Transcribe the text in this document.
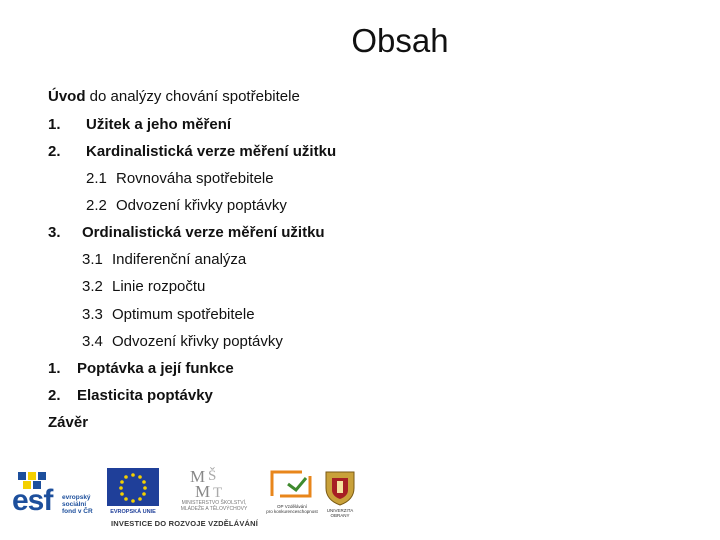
Obsah
Úvod do analýzy chování spotřebitele
1. Užitek a jeho měření
2. Kardinalistická verze měření užitku
2.1 Rovnováha spotřebitele
2.2 Odvození křivky poptávky
3. Ordinalistická verze měření užitku
3.1 Indiferenční analýza
3.2 Linie rozpočtu
3.3 Optimum spotřebitele
3.4 Odvození křivky poptávky
1. Poptávka a její funkce
2. Elasticita poptávky
Závěr
esf evropský
sociální
fond v ČR	EVROPSKÁ UNIE
M Š
M T
MINISTERSTVO ŠKOLSTVÍ,
MLÁDEŽE A TĚLOVÝCHOVY	OP Vzdělávání
pro konkurenceschopnost	UNIVERZITA
OBRANY
INVESTICE DO ROZVOJE VZDĚLÁVÁNÍ
